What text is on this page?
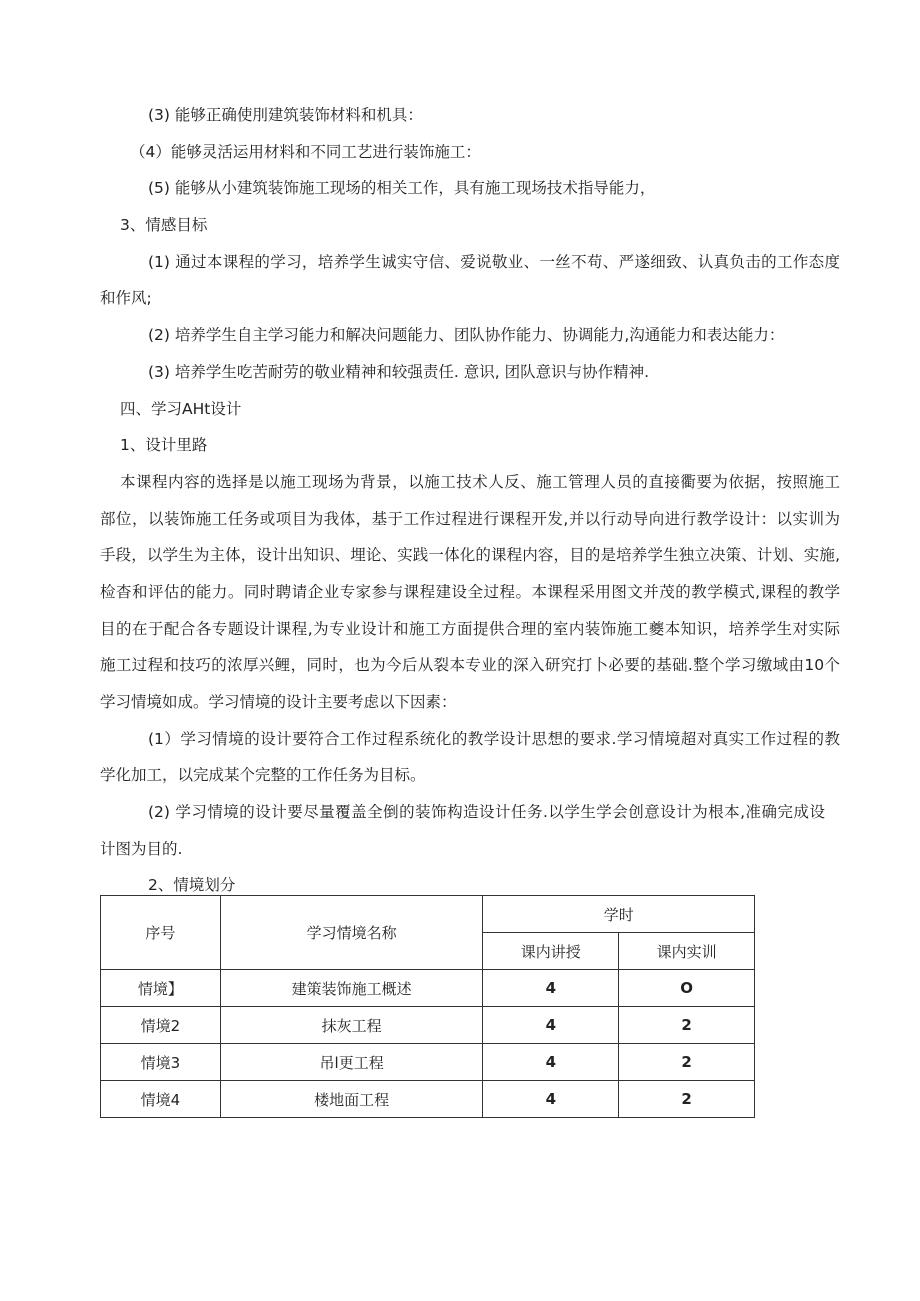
(3) 能够正确使刖建筑装饰材料和机具：
（4）能够灵活运用材料和不同工艺进行装饰施工：
(5) 能够从小建筑装饰施工现场的相关工作，具有施工现场技术指导能力，
3、情感目标
(1) 通过本课程的学习，培养学生诚实守信、爱说敬业、一丝不苟、严遂细致、认真负击的工作态度
和作风;
(2) 培养学生自主学习能力和解决问题能力、团队协作能力、协调能力,沟通能力和表达能力：
(3) 培养学生吃苦耐劳的敬业精神和较强责任. 意识, 团队意识与协作精神.
四、学习AHt设计
1、设计里路
本课程内容的选择是以施工现场为背景，以施工技术人反、施工管理人员的直接衢要为依据，按照施工
部位，以装饰施工任务或项目为我体，基于工作过程进行课程开发,并以行动导向进行教学设计：以实训为
手段，以学生为主体，设计出知识、埋论、实践一体化的课程内容，目的是培养学生独立决策、计划、实施,
检杳和评估的能力。同时聘请企业专家参与课程建设全过程。本课程采用图文并茂的教学模式,课程的教学
目的在于配合各专题设计课程,为专业设计和施工方面提供合理的室内装饰施工夔本知识，培养学生对实际
施工过程和技巧的浓厚兴鲤，同时，也为今后从裂本专业的深入研究打卜必要的基础.整个学习缴域由10个
学习情境如成。学习情境的设计主要考虑以下因素：
(1）学习情境的设计要符合工作过程系统化的教学设计思想的要求.学习情境超对真实工作过程的教
学化加工，以完成某个完整的工作任务为目标。
(2) 学习情境的设计要尽量覆盖全倒的装饰构造设计任务.以学生学会创意设计为根本,准确完成设
计图为目的.
2、情境划分
序号	学习情境名称	学时	
		课内讲授	课内实训
情境】	建策装饰施工概述	4	O
情境2	抹灰工程	4	2
情境3	吊l更工程	4	2
情境4	楼地面工程	4	2
